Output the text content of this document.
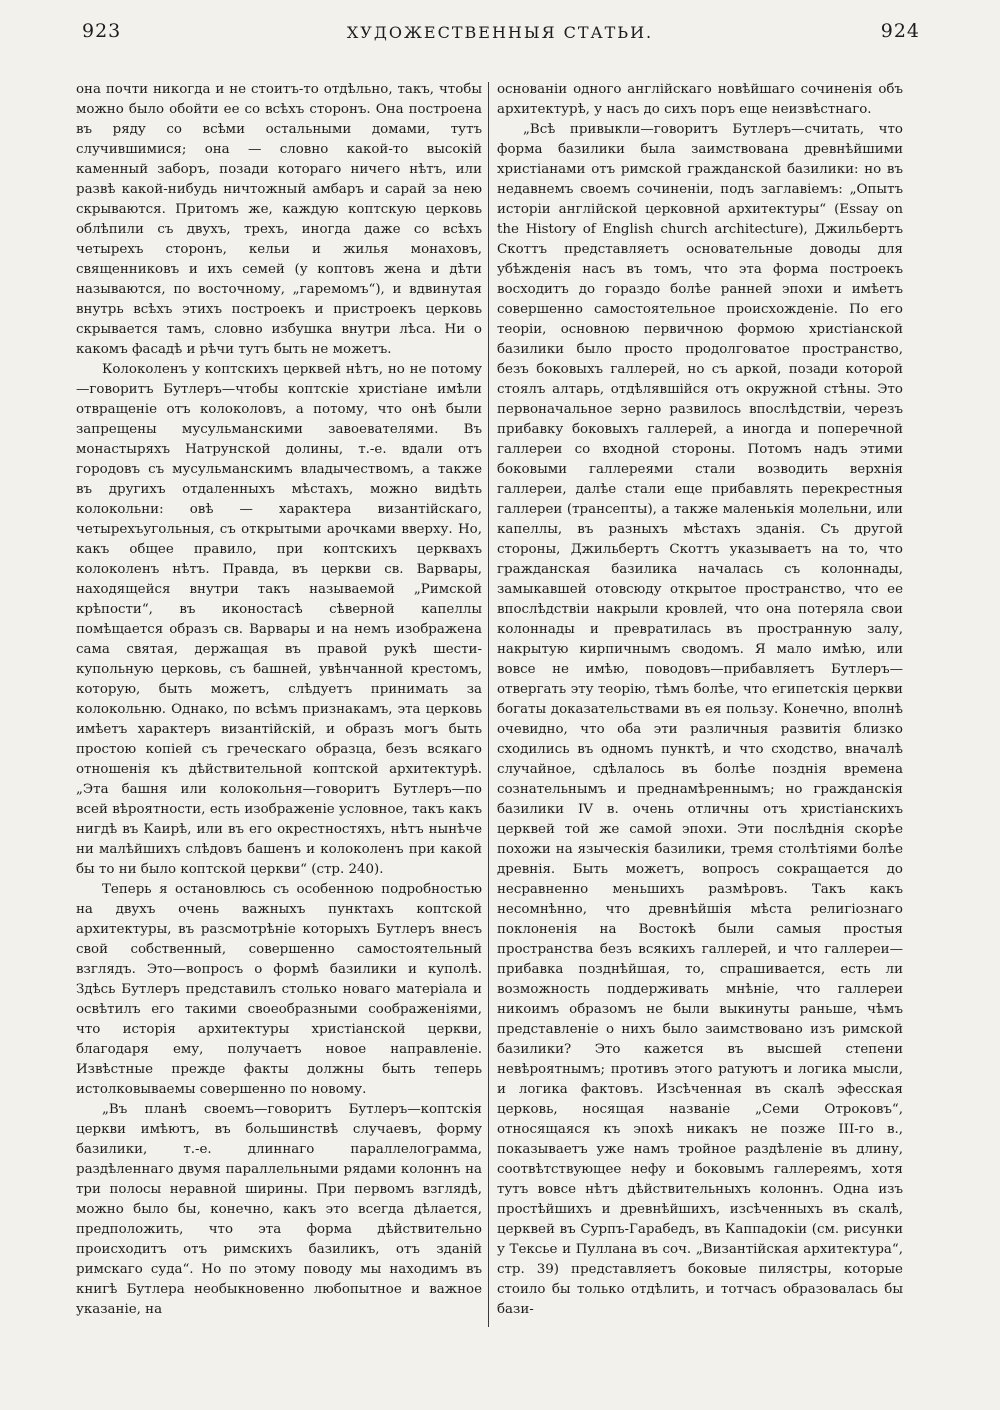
923	ХУДОЖЕСТВЕННЫЯ СТАТЬИ.	924

она почти никогда и не стоитъ-то отдѣльно, такъ, чтобы можно было обойти ее со всѣхъ сторонъ. Она построена въ ряду со всѣми остальными домами, тутъ случившимися; она — словно какой-то высокій каменный заборъ, позади котораго ничего нѣтъ, или развѣ какой-нибудь ничтожный амбаръ и сарай за нею скрываются. Притомъ же, каждую коптскую церковь облѣпили съ двухъ, трехъ, иногда даже со всѣхъ четырехъ сторонъ, кельи и жилья монаховъ, священниковъ и ихъ семей (у коптовъ жена и дѣти называются, по восточному, „гаремомъ“), и вдвинутая внутрь всѣхъ этихъ построекъ и пристроекъ церковь скрывается тамъ, словно избушка внутри лѣса. Ни о какомъ фасадѣ и рѣчи тутъ быть не можетъ.

Колоколенъ у коптскихъ церквей нѣтъ, но не потому—говоритъ Бутлеръ—чтобы коптскіе христіане имѣли отвращеніе отъ колоколовъ, а потому, что онѣ были запрещены мусульманскими завоевателями. Въ монастыряхъ Натрунской долины, т.-е. вдали отъ городовъ съ мусульманскимъ владычествомъ, а также въ другихъ отдаленныхъ мѣстахъ, можно видѣть колокольни: овѣ — характера византійскаго, четырехъугольныя, съ открытыми арочками вверху. Но, какъ общее правило, при коптскихъ церквахъ колоколенъ нѣтъ. Правда, въ церкви св. Варвары, находящейся внутри такъ называемой „Римской крѣпости“, въ иконостасѣ сѣверной капеллы помѣщается образъ св. Варвары и на немъ изображена сама святая, держащая въ правой рукѣ шести-купольную церковь, съ башней, увѣнчанной крестомъ, которую, быть можетъ, слѣдуетъ принимать за колокольню. Однако, по всѣмъ признакамъ, эта церковь имѣетъ характеръ византійскій, и образъ могъ быть простою копіей съ греческаго образца, безъ всякаго отношенія къ дѣйствительной коптской архитектурѣ. „Эта башня или колокольня—говоритъ Бутлеръ—по всей вѣроятности, есть изображеніе условное, такъ какъ нигдѣ въ Каирѣ, или въ его окрестностяхъ, нѣтъ нынѣче ни малѣйшихъ слѣдовъ башенъ и колоколенъ при какой бы то ни было коптской церкви“ (стр. 240).

Теперь я остановлюсь съ особенною подробностью на двухъ очень важныхъ пунктахъ коптской архитектуры, въ разсмотрѣніе которыхъ Бутлеръ внесъ свой собственный, совершенно самостоятельный взглядъ. Это—вопросъ о формѣ базилики и куполѣ. Здѣсь Бутлеръ представилъ столько новаго матеріала и освѣтилъ его такими своеобразными соображеніями, что исторія архитектуры христіанской церкви, благодаря ему, получаетъ новое направленіе. Извѣстные прежде факты должны быть теперь истолковываемы совершенно по новому.

„Въ планѣ своемъ—говоритъ Бутлеръ—коптскія церкви имѣютъ, въ большинствѣ случаевъ, форму базилики, т.-е. длиннаго параллелограмма, раздѣленнаго двумя параллельными рядами колоннъ на три полосы неравной ширины. При первомъ взглядѣ, можно было бы, конечно, какъ это всегда дѣлается, предположить, что эта форма дѣйствительно происходитъ отъ римскихъ базиликъ, отъ зданій римскаго суда“. Но по этому поводу мы находимъ въ книгѣ Бутлера необыкновенно любопытное и важное указаніе, на

основаніи одного англійскаго новѣйшаго сочиненія объ архитектурѣ, у насъ до сихъ поръ еще неизвѣстнаго.

„Всѣ привыкли—говоритъ Бутлеръ—считать, что форма базилики была заимствована древнѣйшими христіанами отъ римской гражданской базилики: но въ недавнемъ своемъ сочиненіи, подъ заглавіемъ: „Опытъ исторіи англійской церковной архитектуры“ (Essay on the History of English church architecture), Джильбертъ Скоттъ представляетъ основательные доводы для убѣжденія насъ въ томъ, что эта форма построекъ восходитъ до гораздо болѣе ранней эпохи и имѣетъ совершенно самостоятельное происхожденіе. По его теоріи, основною первичною формою христіанской базилики было просто продолговатое пространство, безъ боковыхъ галлерей, но съ аркой, позади которой стоялъ алтарь, отдѣлявшійся отъ окружной стѣны. Это первоначальное зерно развилось впослѣдствіи, черезъ прибавку боковыхъ галлерей, а иногда и поперечной галлереи со входной стороны. Потомъ надъ этими боковыми галлереями стали возводить верхнія галлереи, далѣе стали еще прибавлять перекрестныя галлереи (трансепты), а также маленькія молельни, или капеллы, въ разныхъ мѣстахъ зданія. Съ другой стороны, Джильбертъ Скоттъ указываетъ на то, что гражданская базилика началась съ колоннады, замыкавшей отовсюду открытое пространство, что ее впослѣдствіи накрыли кровлей, что она потеряла свои колоннады и превратилась въ пространную залу, накрытую кирпичнымъ сводомъ. Я мало имѣю, или вовсе не имѣю, поводовъ—прибавляетъ Бутлеръ—отвергать эту теорію, тѣмъ болѣе, что египетскія церкви богаты доказательствами въ ея пользу. Конечно, вполнѣ очевидно, что оба эти различныя развитія близко сходились въ одномъ пунктѣ, и что сходство, вначалѣ случайное, сдѣлалось въ болѣе позднія времена сознательнымъ и преднамѣреннымъ; но гражданскія базилики IV в. очень отличны отъ христіанскихъ церквей той же самой эпохи. Эти послѣднія скорѣе похожи на языческія базилики, тремя столѣтіями болѣе древнія. Быть можетъ, вопросъ сокращается до несравненно меньшихъ размѣровъ. Такъ какъ несомнѣнно, что древнѣйшія мѣста религіознаго поклоненія на Востокѣ были самыя простыя пространства безъ всякихъ галлерей, и что галлереи—прибавка позднѣйшая, то, спрашивается, есть ли возможность поддерживать мнѣніе, что галлереи никоимъ образомъ не были выкинуты раньше, чѣмъ представленіе о нихъ было заимствовано изъ римской базилики? Это кажется въ высшей степени невѣроятнымъ; противъ этого ратуютъ и логика мысли, и логика фактовъ. Изсѣченная въ скалѣ эфесская церковь, носящая названіе „Семи Отроковъ“, относящаяся къ эпохѣ никакъ не позже III-го в., показываетъ уже намъ тройное раздѣленіе въ длину, соотвѣтствующее нефу и боковымъ галлереямъ, хотя тутъ вовсе нѣтъ дѣйствительныхъ колоннъ. Одна изъ простѣйшихъ и древнѣйшихъ, изсѣченныхъ въ скалѣ, церквей въ Сурпъ-Гарабедъ, въ Каппадокіи (см. рисунки у Тексье и Пуллана въ соч. „Византійская архитектура“, стр. 39) представляетъ боковые пилястры, которые стоило бы только отдѣлить, и тотчасъ образовалась бы бази-
